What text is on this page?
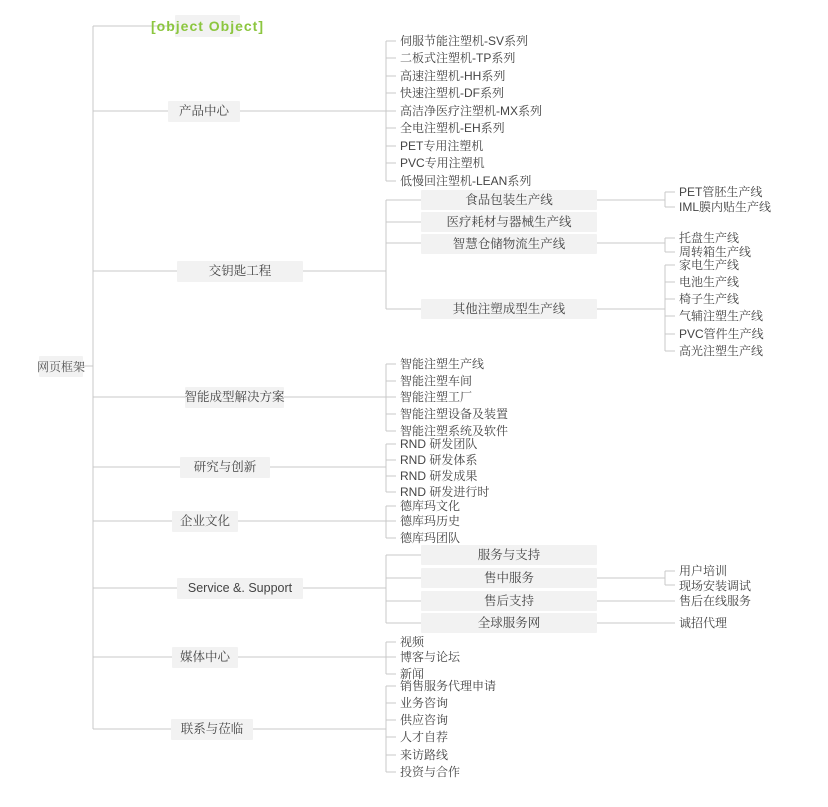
网页框架
[object Object]
产品中心
交钥匙工程
智能成型解决方案
研究与创新
企业文化
Service &. Support
媒体中心
联系与莅临
伺服节能注塑机-SV系列
二板式注塑机-TP系列
高速注塑机-HH系列
快速注塑机-DF系列
高洁净医疗注塑机-MX系列
全电注塑机-EH系列
PET专用注塑机
PVC专用注塑机
低慢回注塑机-LEAN系列
食品包装生产线
医疗耗材与器械生产线
智慧仓储物流生产线
其他注塑成型生产线
PET管胚生产线
IML膜内贴生产线
托盘生产线
周转箱生产线
家电生产线
电池生产线
椅子生产线
气辅注塑生产线
PVC管件生产线
高光注塑生产线
智能注塑生产线
智能注塑车间
智能注塑工厂
智能注塑设备及装置
智能注塑系统及软件
RND 研发团队
RND 研发体系
RND 研发成果
RND 研发进行时
德库玛文化
德库玛历史
德库玛团队
服务与支持
售中服务
售后支持
全球服务网
用户培训
现场安装调试
售后在线服务
诚招代理
视频
博客与论坛
新闻
销售服务代理申请
业务咨询
供应咨询
人才自荐
来访路线
投资与合作
